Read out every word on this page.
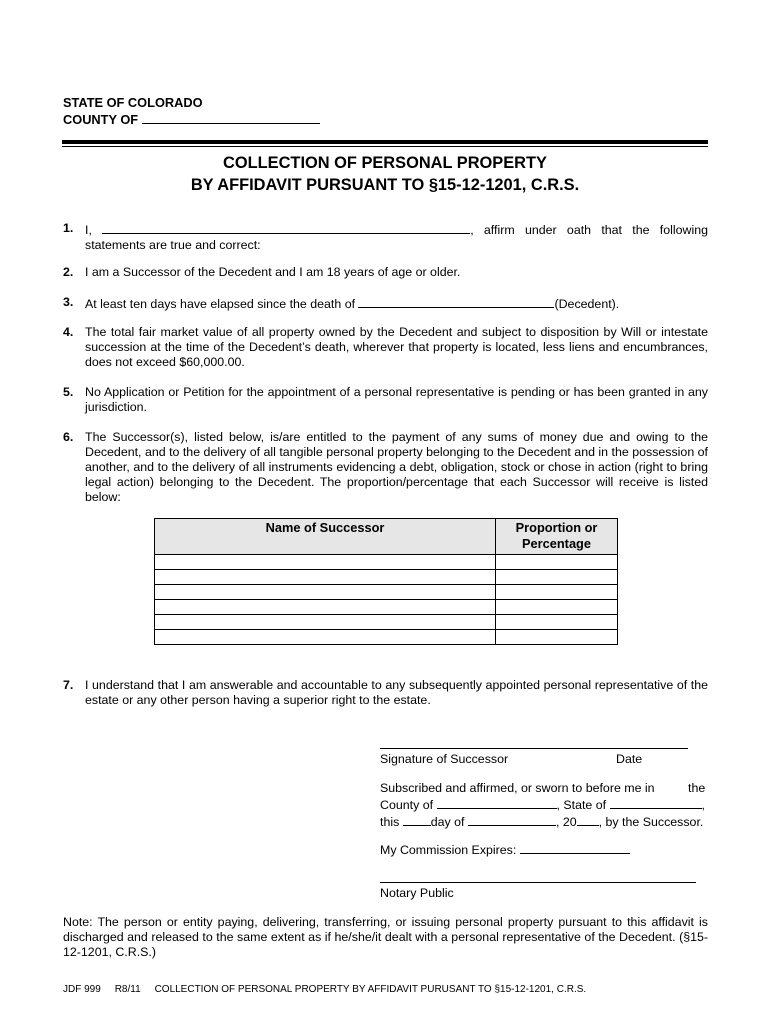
STATE OF COLORADO
COUNTY OF
COLLECTION OF PERSONAL PROPERTY
BY AFFIDAVIT PURSUANT TO §15-12-1201, C.R.S.
1. I,	, affirm under oath that the following statements are true and correct:
2. I am a Successor of the Decedent and I am 18 years of age or older.
3. At least ten days have elapsed since the death of	(Decedent).
4. The total fair market value of all property owned by the Decedent and subject to disposition by Will or intestate succession at the time of the Decedent’s death, wherever that property is located, less liens and encumbrances, does not exceed $60,000.00.
5. No Application or Petition for the appointment of a personal representative is pending or has been granted in any jurisdiction.
6. The Successor(s), listed below, is/are entitled to the payment of any sums of money due and owing to the Decedent, and to the delivery of all tangible personal property belonging to the Decedent and in the possession of another, and to the delivery of all instruments evidencing a debt, obligation, stock or chose in action (right to bring legal action) belonging to the Decedent. The proportion/percentage that each Successor will receive is listed below:
Name of Successor	Proportion or
Percentage

7. I understand that I am answerable and accountable to any subsequently appointed personal representative of the estate or any other person having a superior right to the estate.
Signature of Successor	Date
Subscribed and affirmed, or sworn to before me in	the
County of	, State of	,
this	day of	, 20 , by the Successor.
My Commission Expires:
Notary Public
Note: The person or entity paying, delivering, transferring, or issuing personal property pursuant to this affidavit is discharged and released to the same extent as if he/she/it dealt with a personal representative of the Decedent. (§15-12-1201, C.R.S.)
JDF 999 R8/11 COLLECTION OF PERSONAL PROPERTY BY AFFIDAVIT PURUSANT TO §15-12-1201, C.R.S.
